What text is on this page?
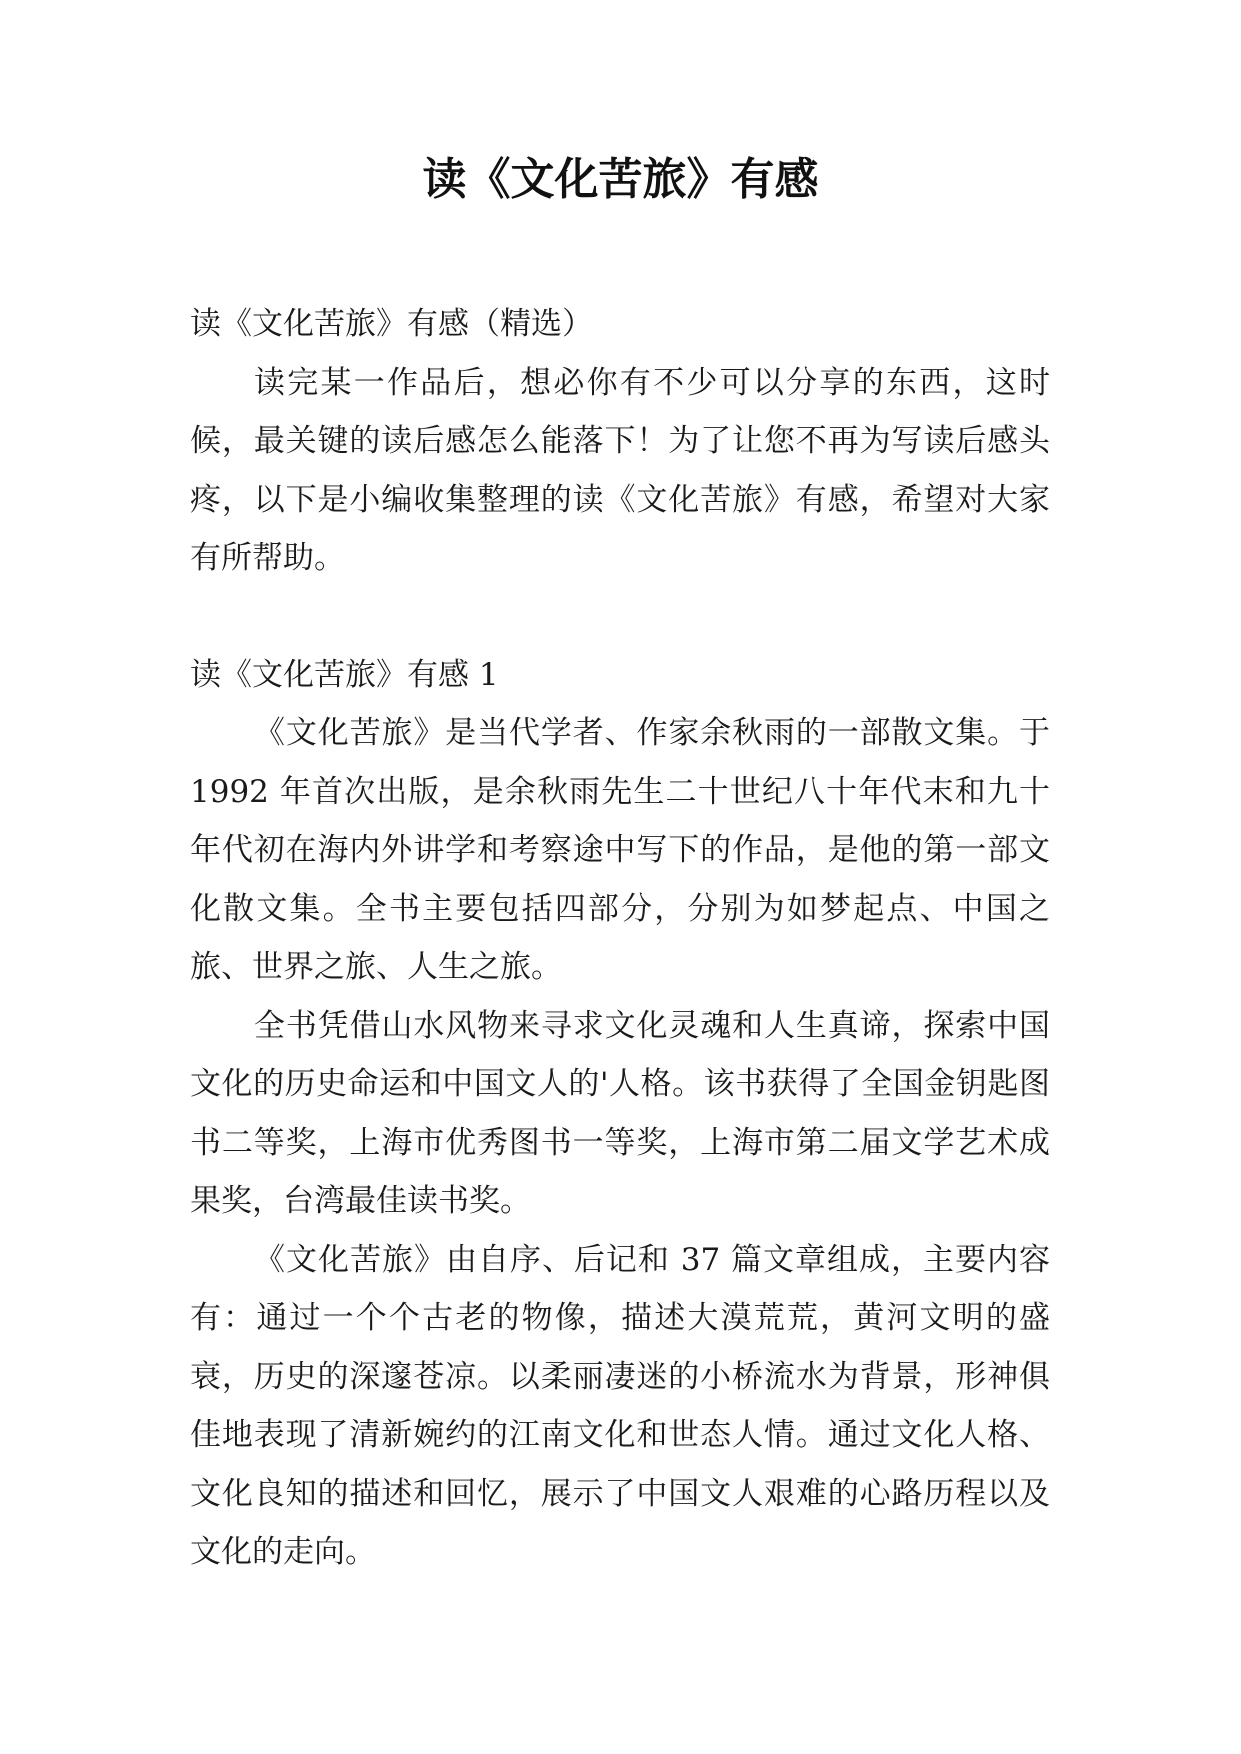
读《文化苦旅》有感
读《文化苦旅》有感（精选）
读完某一作品后，想必你有不少可以分享的东西，这时候，最关键的读后感怎么能落下！为了让您不再为写读后感头疼，以下是小编收集整理的读《文化苦旅》有感，希望对大家有所帮助。
读《文化苦旅》有感 1
《文化苦旅》是当代学者、作家余秋雨的一部散文集。于 1992 年首次出版，是余秋雨先生二十世纪八十年代末和九十年代初在海内外讲学和考察途中写下的作品，是他的第一部文化散文集。全书主要包括四部分，分别为如梦起点、中国之旅、世界之旅、人生之旅。
全书凭借山水风物来寻求文化灵魂和人生真谛，探索中国文化的历史命运和中国文人的'人格。该书获得了全国金钥匙图书二等奖，上海市优秀图书一等奖，上海市第二届文学艺术成果奖，台湾最佳读书奖。
《文化苦旅》由自序、后记和 37 篇文章组成，主要内容有：通过一个个古老的物像，描述大漠荒荒，黄河文明的盛衰，历史的深邃苍凉。以柔丽凄迷的小桥流水为背景，形神俱佳地表现了清新婉约的江南文化和世态人情。通过文化人格、文化良知的描述和回忆，展示了中国文人艰难的心路历程以及文化的走向。
